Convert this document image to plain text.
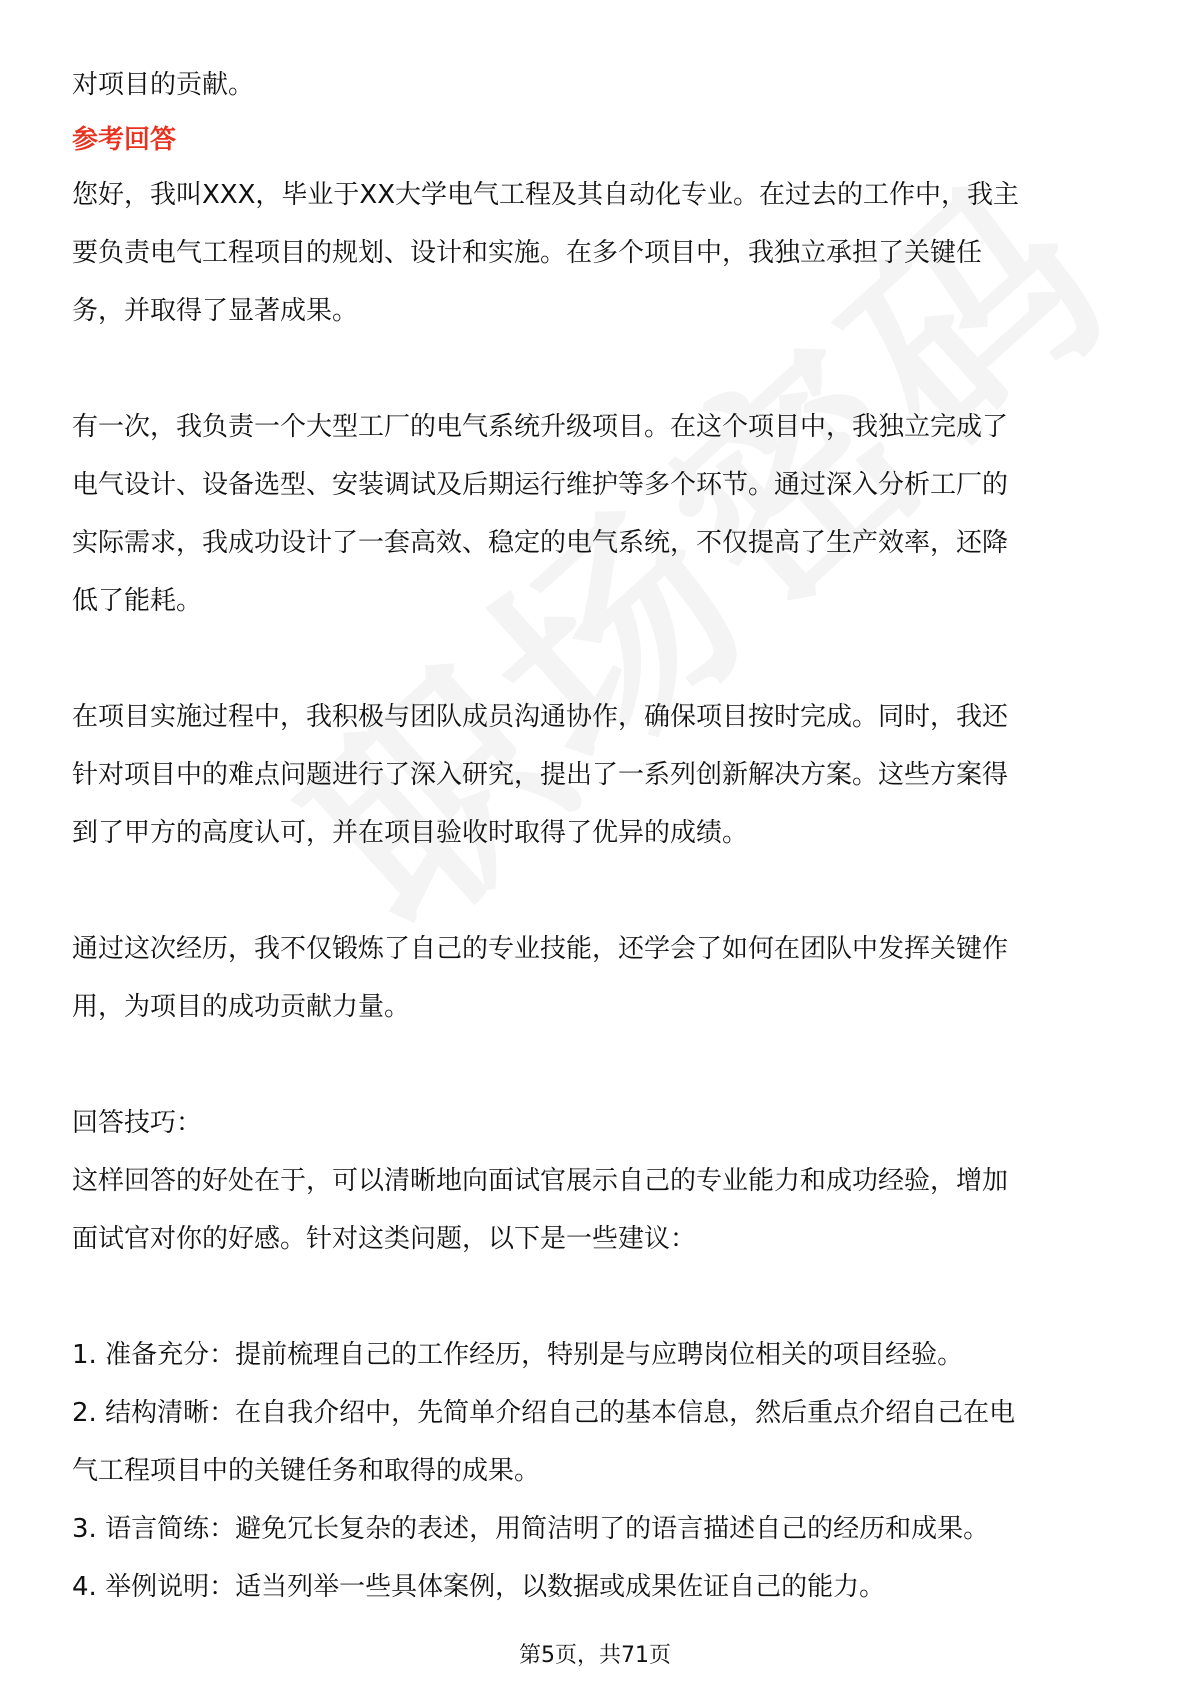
对项目的贡献。

参考回答

您好，我叫XXX，毕业于XX大学电气工程及其自动化专业。在过去的工作中，我主

要负责电气工程项目的规划、设计和实施。在多个项目中，我独立承担了关键任

务，并取得了显著成果。

有一次，我负责一个大型工厂的电气系统升级项目。在这个项目中，我独立完成了

电气设计、设备选型、安装调试及后期运行维护等多个环节。通过深入分析工厂的

实际需求，我成功设计了一套高效、稳定的电气系统，不仅提高了生产效率，还降

低了能耗。

在项目实施过程中，我积极与团队成员沟通协作，确保项目按时完成。同时，我还

针对项目中的难点问题进行了深入研究，提出了一系列创新解决方案。这些方案得

到了甲方的高度认可，并在项目验收时取得了优异的成绩。

通过这次经历，我不仅锻炼了自己的专业技能，还学会了如何在团队中发挥关键作

用，为项目的成功贡献力量。

回答技巧：

这样回答的好处在于，可以清晰地向面试官展示自己的专业能力和成功经验，增加

面试官对你的好感。针对这类问题，以下是一些建议：

1. 准备充分：提前梳理自己的工作经历，特别是与应聘岗位相关的项目经验。

2. 结构清晰：在自我介绍中，先简单介绍自己的基本信息，然后重点介绍自己在电

气工程项目中的关键任务和取得的成果。

3. 语言简练：避免冗长复杂的表述，用简洁明了的语言描述自己的经历和成果。

4. 举例说明：适当列举一些具体案例，以数据或成果佐证自己的能力。

第5页，共71页
